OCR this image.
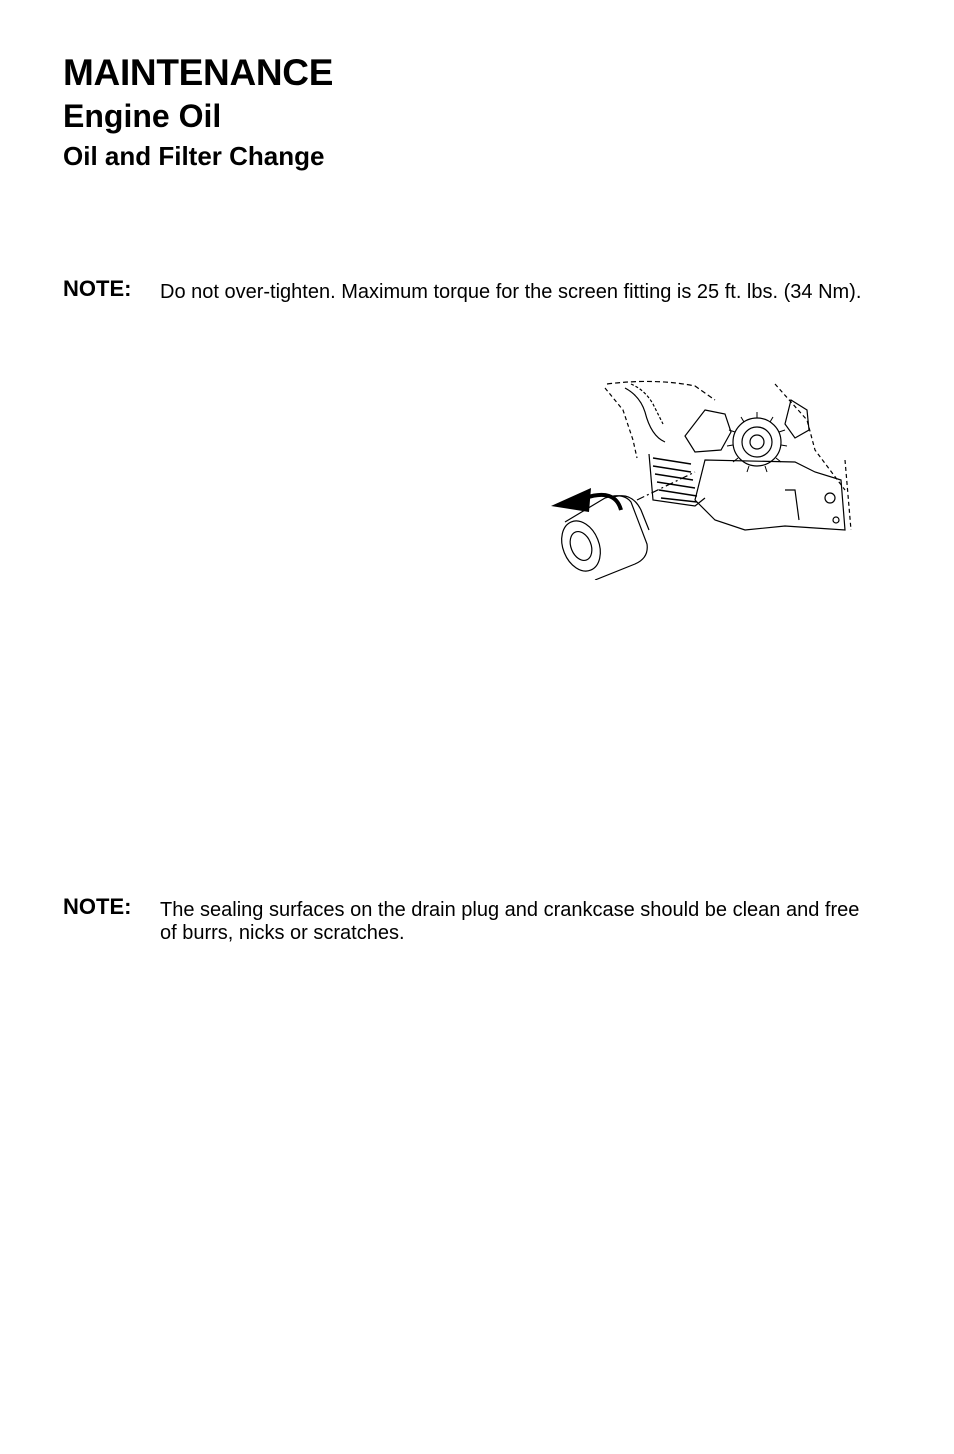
MAINTENANCE
Engine Oil
Oil and Filter Change
NOTE: Do not over-tighten. Maximum torque for the screen fitting is 25 ft. lbs. (34 Nm).
NOTE: The sealing surfaces on the drain plug and crankcase should be clean and free of burrs, nicks or scratches.
